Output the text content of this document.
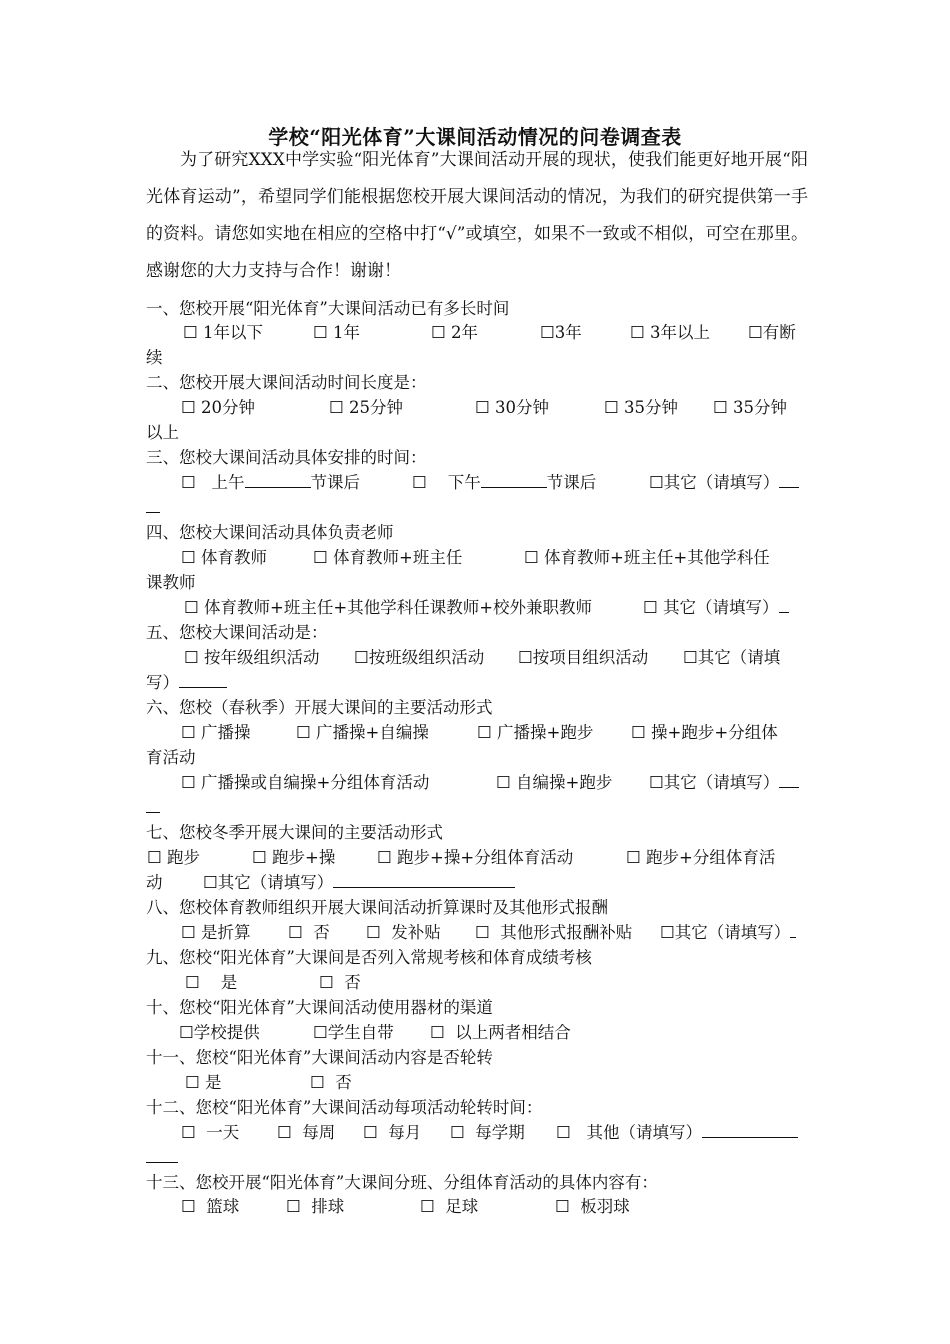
学校“阳光体育”大课间活动情况的问卷调查表

为了研究XXX中学实验“阳光体育”大课间活动开展的现状，使我们能更好地开展“阳光体育运动”，希望同学们能根据您校开展大课间活动的情况，为我们的研究提供第一手的资料。请您如实地在相应的空格中打“√”或填空，如果不一致或不相似，可空在那里。感谢您的大力支持与合作！谢谢！

一、您校开展“阳光体育”大课间活动已有多长时间

☐ 1年以下	☐ 1年	☐ 2年	☐3年	☐ 3年以上 ☐有断
续

二、您校开展大课间活动时间长度是：

☐ 20分钟	☐ 25分钟	☐ 30分钟	☐ 35分钟 ☐ 35分钟
以上

三、您校大课间活动具体安排的时间：

☐ 上午	节课后	☐ 下午	节课后	☐其它（请填写）

四、您校大课间活动具体负责老师

☐ 体育教师	☐ 体育教师+班主任	☐ 体育教师+班主任+其他学科任
课教师
☐ 体育教师+班主任+其他学科任课教师+校外兼职教师	☐ 其它（请填写）

五、您校大课间活动是：

☐ 按年级组织活动 ☐按班级组织活动 ☐按项目组织活动 ☐其它（请填
写）

六、您校（春秋季）开展大课间的主要活动形式

☐ 广播操	☐ 广播操+自编操	☐ 广播操+跑步 ☐ 操+跑步+分组体
育活动
☐ 广播操或自编操+分组体育活动	☐ 自编操+跑步 ☐其它（请填写）

七、您校冬季开展大课间的主要活动形式

☐ 跑步	☐ 跑步+操	☐ 跑步+操+分组体育活动	☐ 跑步+分组体育活
动 ☐其它（请填写）

八、您校体育教师组织开展大课间活动折算课时及其他形式报酬

☐ 是折算 ☐ 否 ☐ 发补贴 ☐ 其他形式报酬补贴 ☐其它（请填写）

九、您校“阳光体育”大课间是否列入常规考核和体育成绩考核

☐ 是	☐ 否

十、您校“阳光体育”大课间活动使用器材的渠道

☐学校提供	☐学生自带 ☐ 以上两者相结合

十一、您校“阳光体育”大课间活动内容是否轮转

☐ 是	☐ 否

十二、您校“阳光体育”大课间活动每项活动轮转时间：

☐ 一天 ☐ 每周 ☐ 每月 ☐ 每学期 ☐ 其他（请填写）

十三、您校开展“阳光体育”大课间分班、分组体育活动的具体内容有：

☐ 篮球	☐ 排球	☐ 足球	☐ 板羽球
